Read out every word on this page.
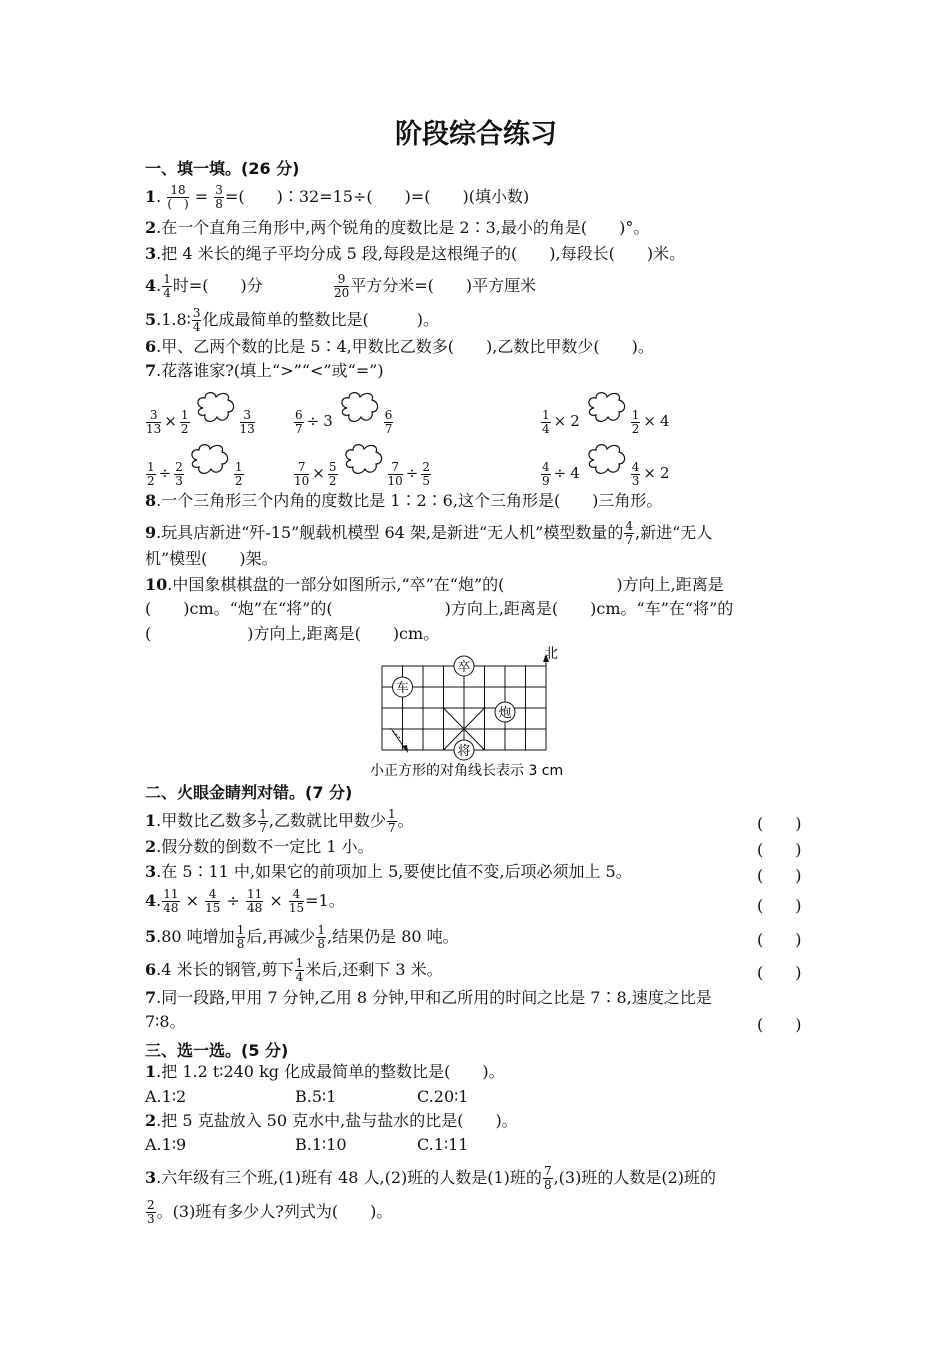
阶段综合练习
一、填一填。(26 分)
1. 18
(　) = $\frac{3}{8}$ =(　　)∶32=15÷(　　)=(　　)(填小数)
2.在一个直角三角形中,两个锐角的度数比是 2∶3,最小的角是(　　)°。
3.把 4 米长的绳子平均分成 5 段,每段是这根绳子的(　　),每段长(　　)米。
4. $\frac{1}{4}$ 时=(　　)分	$\frac{9}{20}$ 平方分米=(　　)平方厘米
5.1.8∶ $\frac{3}{4}$ 化成最简单的整数比是(　　　)。
6.甲、乙两个数的比是 5∶4,甲数比乙数多(　　),乙数比甲数少(　　)。
7.花落谁家?(填上“>”“<”或“=”)
$\frac{3}{13} \times \frac{1}{2}$	$\frac{3}{13}$	$\frac{6}{7} \div 3$	$\frac{6}{7}$	$\frac{1}{4} \times 2$	$\frac{1}{2} \times 4$
$\frac{1}{2} \div \frac{2}{3}$	$\frac{1}{2}$	$\frac{7}{10} \times \frac{5}{2}$	$\frac{7}{10} \div \frac{2}{5}$	$\frac{4}{9} \div 4$	$\frac{4}{3} \times 2$
8.一个三角形三个内角的度数比是 1∶2∶6,这个三角形是(　　)三角形。
9.玩具店新进“歼-15”舰载机模型 64 架,是新进“无人机”模型数量的 $\frac{4}{7}$ ,新进“无人
机”模型(　　)架。
10.中国象棋棋盘的一部分如图所示,“卒”在“炮”的(　　　　　　　)方向上,距离是
(　　)cm。“炮”在“将”的(　　　　　　　)方向上,距离是(　　)cm。“车”在“将”的
(　　　　　　)方向上,距离是(　　)cm。
北
车
卒
炮
将
小正方形的对角线长表示 3 cm
二、火眼金睛判对错。(7 分)
1.甲数比乙数多 $\frac{1}{7}$ ,乙数就比甲数少 $\frac{1}{7}$ 。	(　　)
2.假分数的倒数不一定比 1 小。	(　　)
3.在 5∶11 中,如果它的前项加上 5,要使比值不变,后项必须加上 5。	(　　)
4. $\frac{11}{48} \times \frac{4}{15} \div \frac{11}{48} \times \frac{4}{15} =1$。	(　　)
5.80 吨增加 $\frac{1}{8}$ 后,再减少 $\frac{1}{8}$ ,结果仍是 80 吨。	(　　)
6.4 米长的钢管,剪下 $\frac{1}{4}$ 米后,还剩下 3 米。	(　　)
7.同一段路,甲用 7 分钟,乙用 8 分钟,甲和乙所用的时间之比是 7∶8,速度之比是
7∶8。	(　　)
三、选一选。(5 分)
1.把 1.2 t∶240 kg 化成最简单的整数比是(　　)。
A.1∶2	B.5∶1	C.20∶1
2.把 5 克盐放入 50 克水中,盐与盐水的比是(　　)。
A.1∶9	B.1∶10	C.1∶11
3.六年级有三个班,(1)班有 48 人,(2)班的人数是(1)班的 $\frac{7}{8} ,(3)$班的人数是(2)班的
$\frac{2}{3}$ 。(3)班有多少人?列式为(　　)。
